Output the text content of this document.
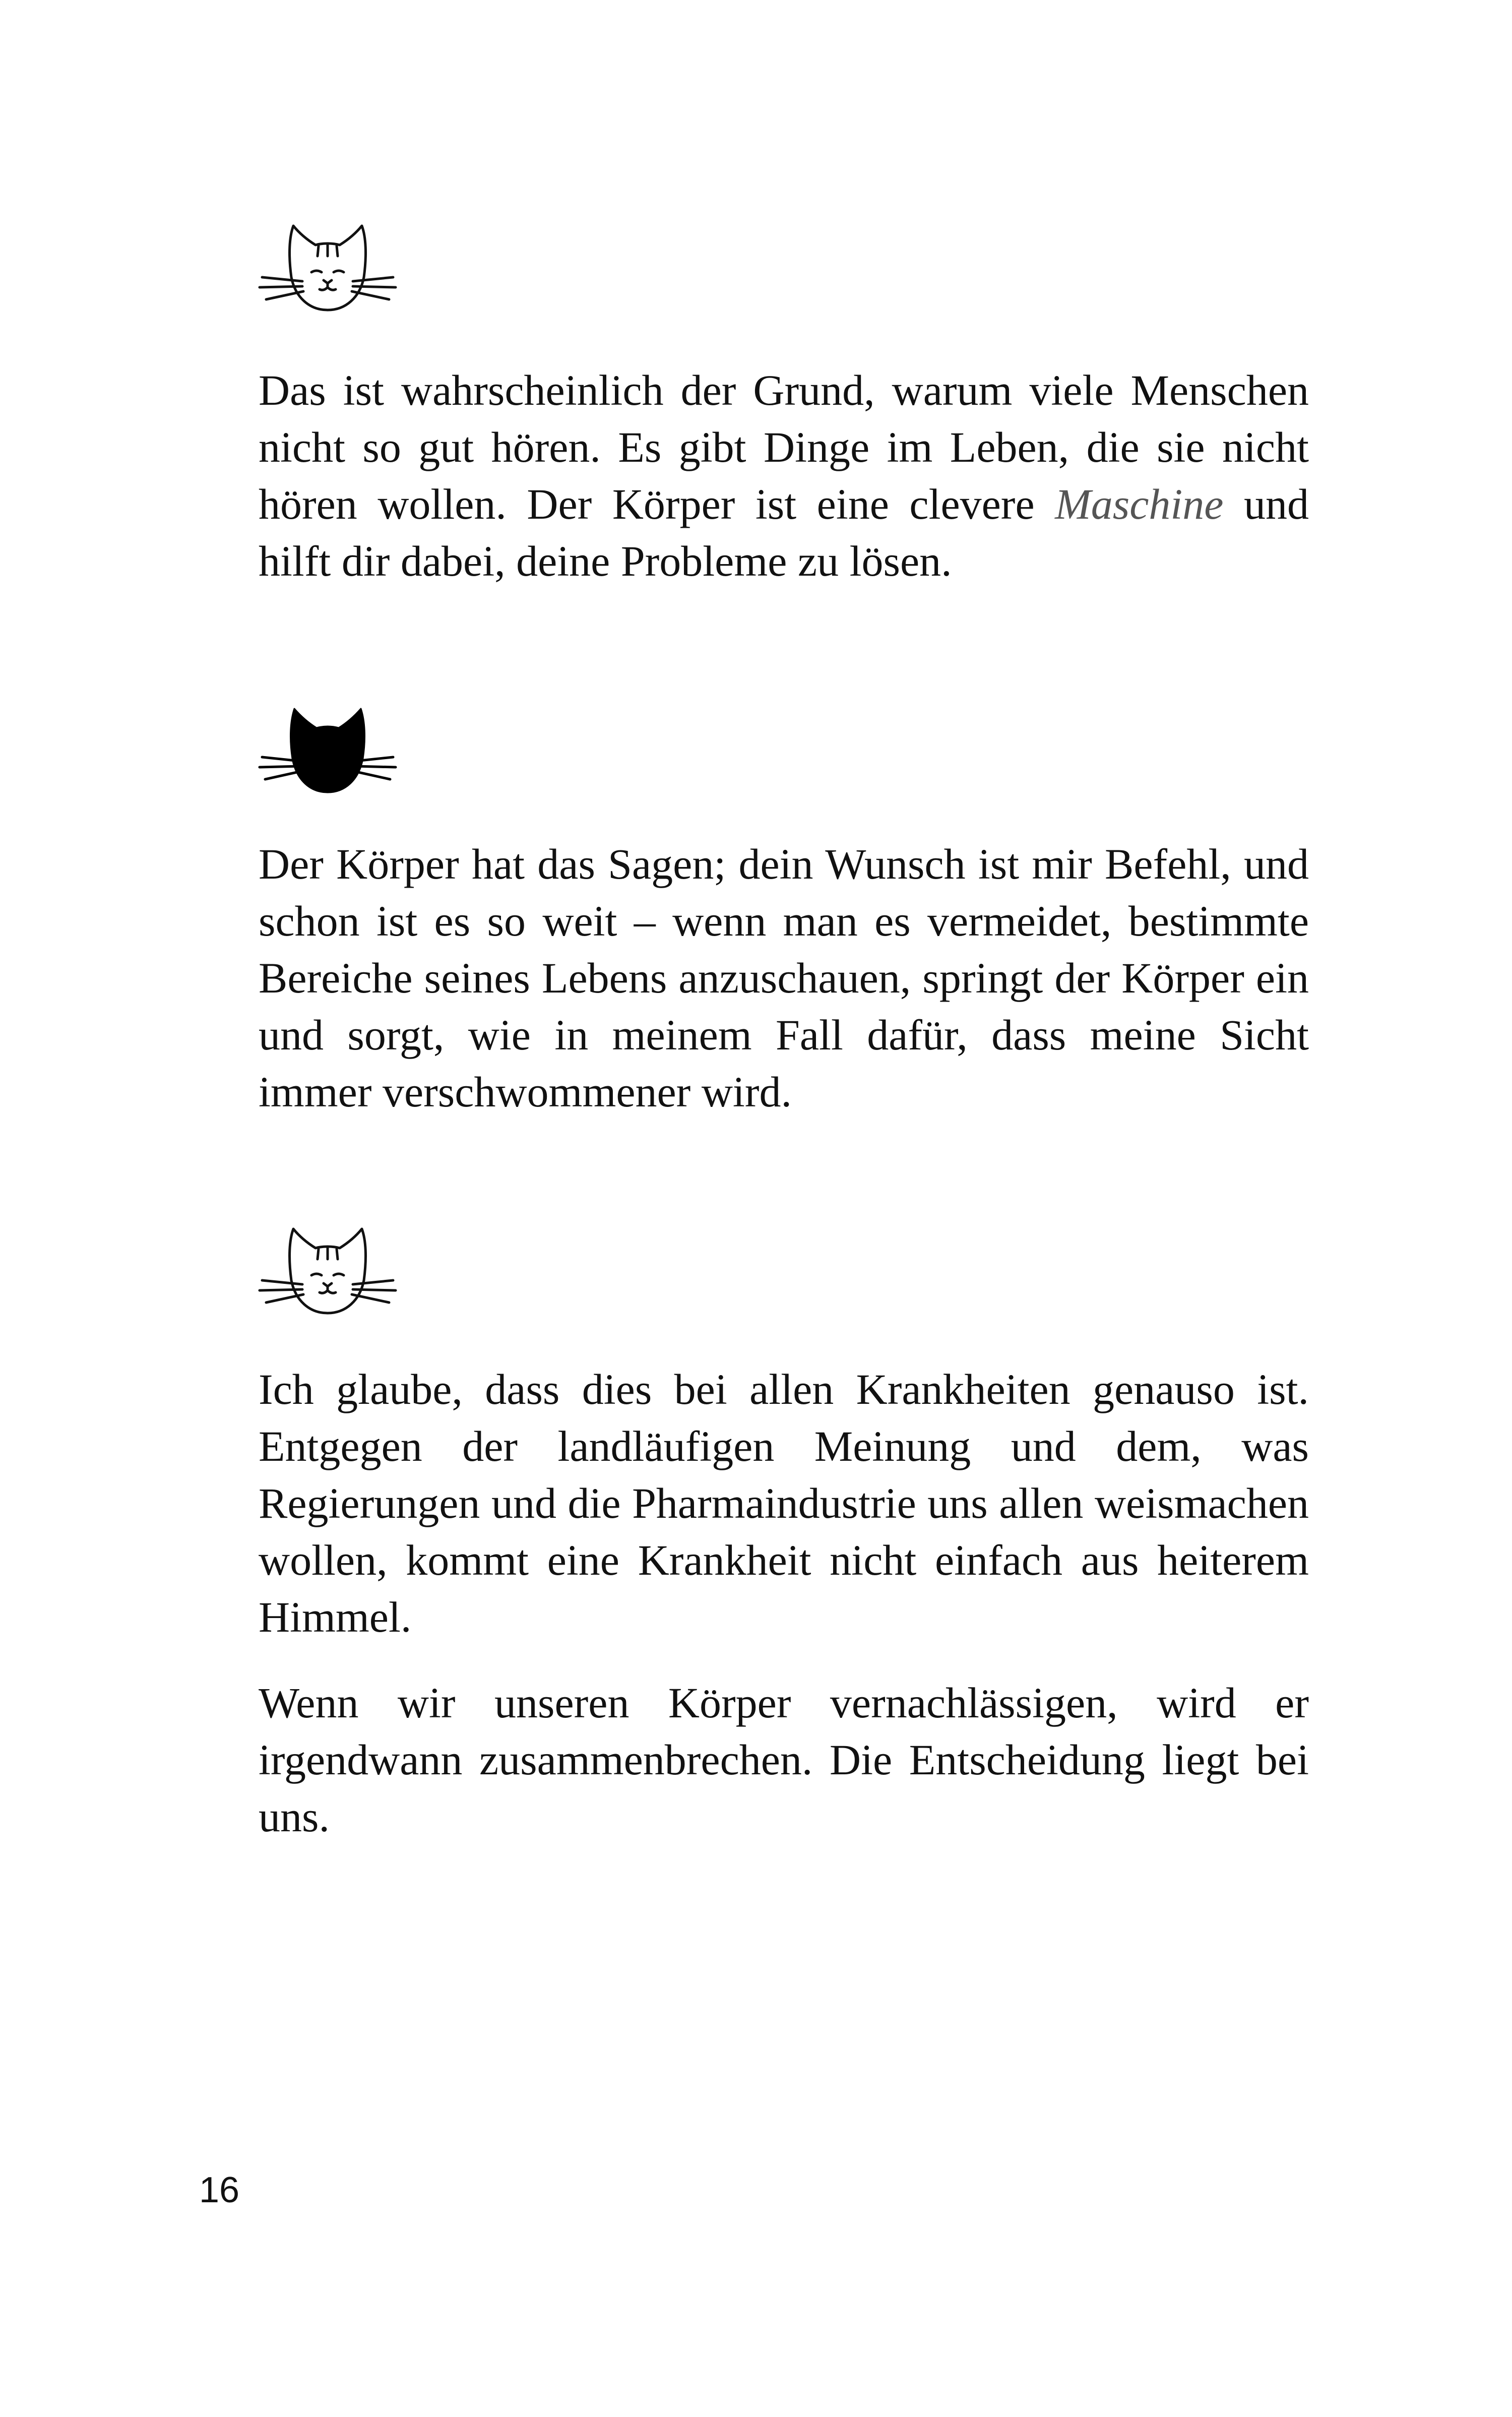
Das ist wahrscheinlich der Grund, warum viele Menschen nicht so gut hören. Es gibt Dinge im Leben, die sie nicht hören wollen. Der Körper ist eine clevere Maschine und hilft dir dabei, deine Probleme zu lösen.

Der Körper hat das Sagen; dein Wunsch ist mir Befehl, und schon ist es so weit – wenn man es vermeidet, bestimmte Bereiche seines Lebens anzuschauen, springt der Körper ein und sorgt, wie in meinem Fall dafür, dass meine Sicht immer verschwommener wird.

Ich glaube, dass dies bei allen Krankheiten genauso ist. Entgegen der landläufigen Meinung und dem, was Regierungen und die Pharmaindustrie uns allen weismachen wollen, kommt eine Krankheit nicht einfach aus heiterem Himmel.

Wenn wir unseren Körper vernachlässigen, wird er irgendwann zusammenbrechen. Die Entscheidung liegt bei uns.

16
